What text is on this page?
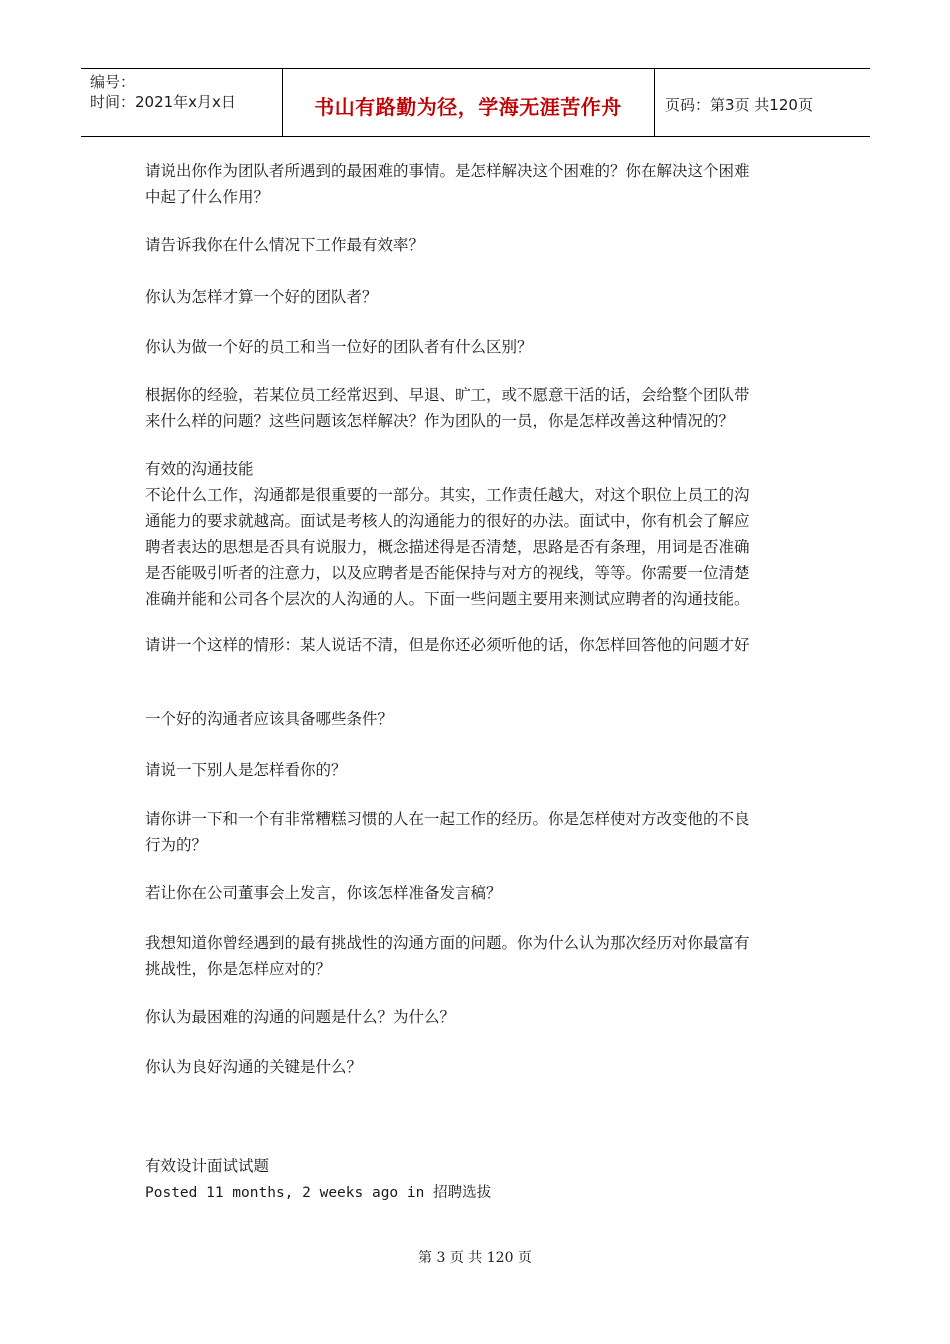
编号：
时间：2021年x月x日	书山有路勤为径，学海无涯苦作舟	页码：第3页 共120页
请说出你作为团队者所遇到的最困难的事情。是怎样解决这个困难的？你在解决这个困难
中起了什么作用？
请告诉我你在什么情况下工作最有效率？
你认为怎样才算一个好的团队者？
你认为做一个好的员工和当一位好的团队者有什么区别？
根据你的经验，若某位员工经常迟到、早退、旷工，或不愿意干活的话，会给整个团队带
来什么样的问题？这些问题该怎样解决？作为团队的一员，你是怎样改善这种情况的？
有效的沟通技能
不论什么工作，沟通都是很重要的一部分。其实，工作责任越大，对这个职位上员工的沟
通能力的要求就越高。面试是考核人的沟通能力的很好的办法。面试中，你有机会了解应
聘者表达的思想是否具有说服力，概念描述得是否清楚，思路是否有条理，用词是否准确
是否能吸引听者的注意力，以及应聘者是否能保持与对方的视线，等等。你需要一位清楚
准确并能和公司各个层次的人沟通的人。下面一些问题主要用来测试应聘者的沟通技能。
请讲一个这样的情形：某人说话不清，但是你还必须听他的话，你怎样回答他的问题才好
一个好的沟通者应该具备哪些条件？
请说一下别人是怎样看你的？
请你讲一下和一个有非常糟糕习惯的人在一起工作的经历。你是怎样使对方改变他的不良
行为的？
若让你在公司董事会上发言，你该怎样准备发言稿？
我想知道你曾经遇到的最有挑战性的沟通方面的问题。你为什么认为那次经历对你最富有
挑战性，你是怎样应对的？
你认为最困难的沟通的问题是什么？为什么？
你认为良好沟通的关键是什么？
有效设计面试试题
Posted 11 months, 2 weeks ago in 招聘选拔
第 3 页 共 120 页
